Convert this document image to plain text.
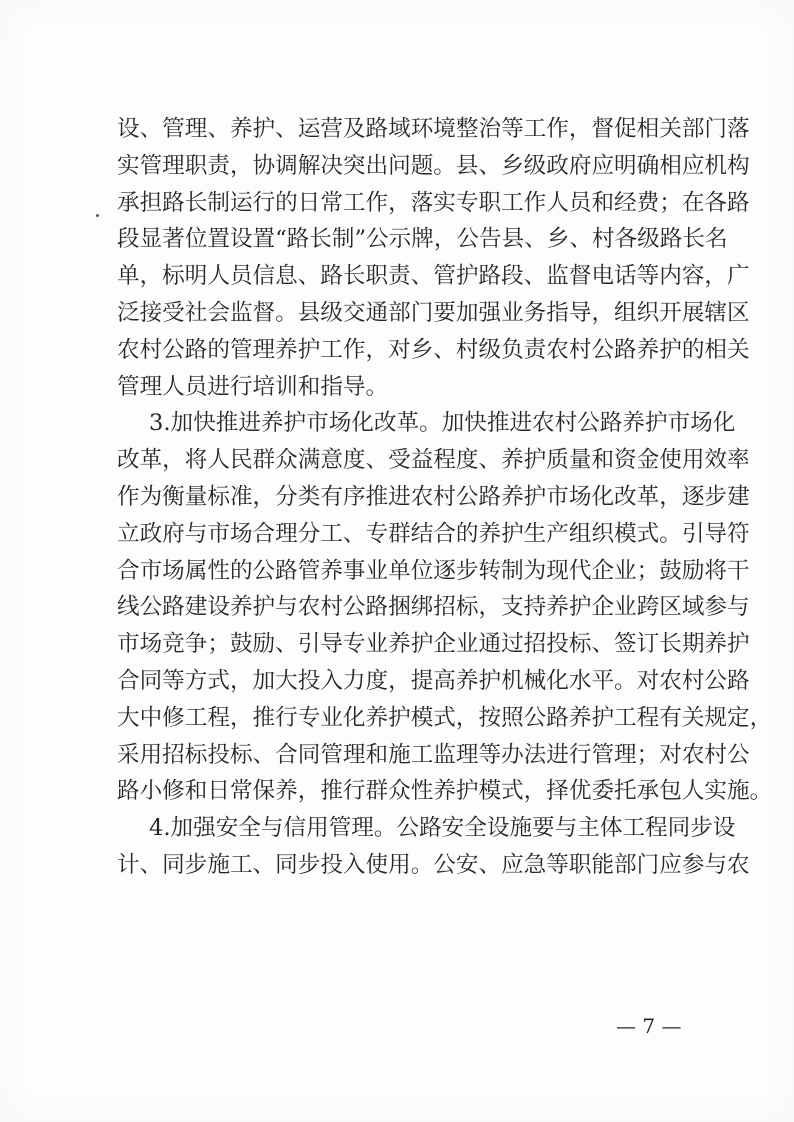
设、管理、养护、运营及路域环境整治等工作，督促相关部门落
实管理职责，协调解决突出问题。县、乡级政府应明确相应机构
承担路长制运行的日常工作，落实专职工作人员和经费；在各路
段显著位置设置“路长制”公示牌，公告县、乡、村各级路长名
单，标明人员信息、路长职责、管护路段、监督电话等内容，广
泛接受社会监督。县级交通部门要加强业务指导，组织开展辖区
农村公路的管理养护工作，对乡、村级负责农村公路养护的相关
管理人员进行培训和指导。
3.加快推进养护市场化改革。加快推进农村公路养护市场化
改革，将人民群众满意度、受益程度、养护质量和资金使用效率
作为衡量标准，分类有序推进农村公路养护市场化改革，逐步建
立政府与市场合理分工、专群结合的养护生产组织模式。引导符
合市场属性的公路管养事业单位逐步转制为现代企业；鼓励将干
线公路建设养护与农村公路捆绑招标，支持养护企业跨区域参与
市场竞争；鼓励、引导专业养护企业通过招投标、签订长期养护
合同等方式，加大投入力度，提高养护机械化水平。对农村公路
大中修工程，推行专业化养护模式，按照公路养护工程有关规定，
采用招标投标、合同管理和施工监理等办法进行管理；对农村公
路小修和日常保养，推行群众性养护模式，择优委托承包人实施。
4.加强安全与信用管理。公路安全设施要与主体工程同步设
计、同步施工、同步投入使用。公安、应急等职能部门应参与农
— 7 —
